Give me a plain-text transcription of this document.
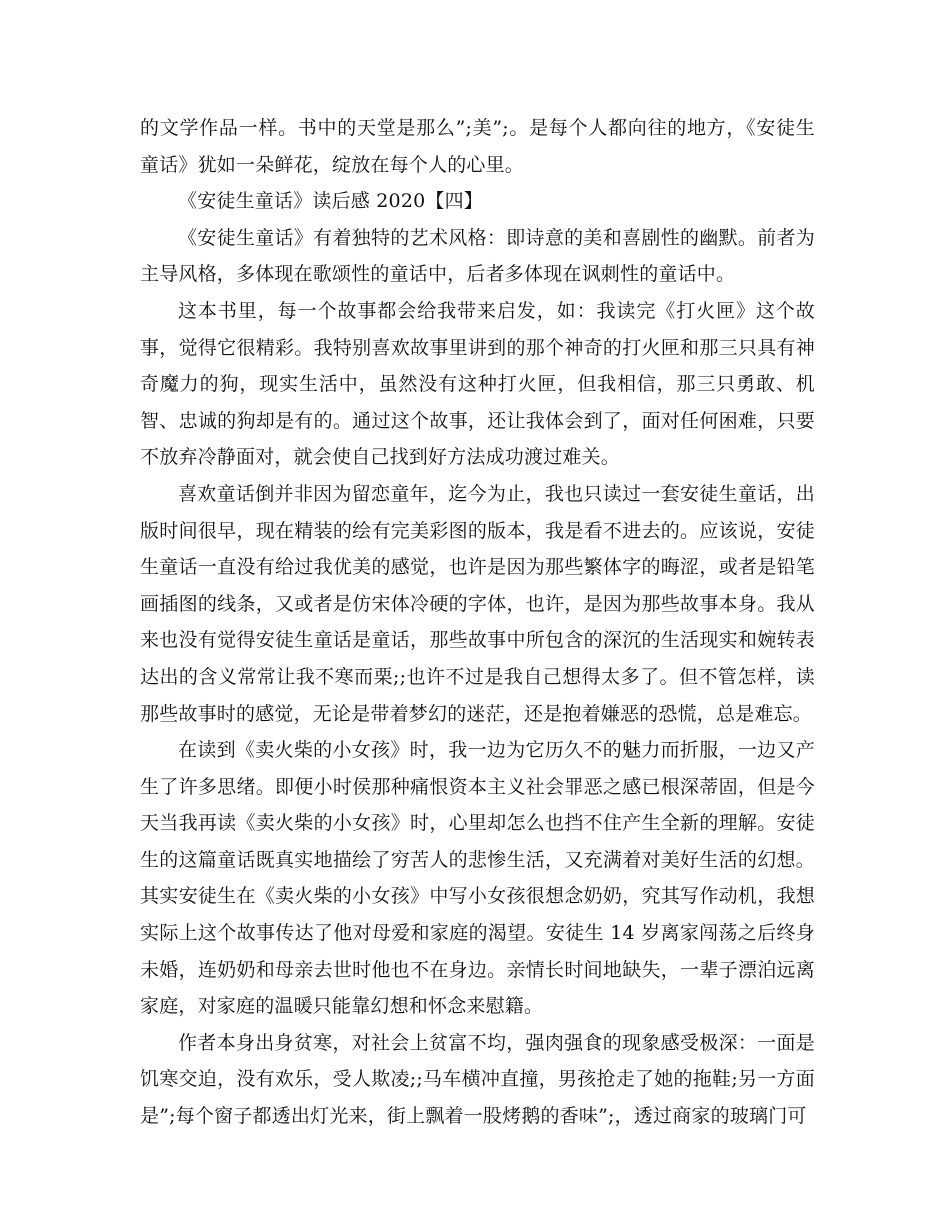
的文学作品一样。书中的天堂是那么”;美”;。是每个人都向往的地方，《安徒生童话》犹如一朵鲜花，绽放在每个人的心里。

《安徒生童话》读后感 2020【四】

《安徒生童话》有着独特的艺术风格：即诗意的美和喜剧性的幽默。前者为主导风格，多体现在歌颂性的童话中，后者多体现在讽刺性的童话中。

这本书里，每一个故事都会给我带来启发，如：我读完《打火匣》这个故事，觉得它很精彩。我特别喜欢故事里讲到的那个神奇的打火匣和那三只具有神奇魔力的狗，现实生活中，虽然没有这种打火匣，但我相信，那三只勇敢、机智、忠诚的狗却是有的。通过这个故事，还让我体会到了，面对任何困难，只要不放弃冷静面对，就会使自己找到好方法成功渡过难关。

喜欢童话倒并非因为留恋童年，迄今为止，我也只读过一套安徒生童话，出版时间很早，现在精装的绘有完美彩图的版本，我是看不进去的。应该说，安徒生童话一直没有给过我优美的感觉，也许是因为那些繁体字的晦涩，或者是铅笔画插图的线条，又或者是仿宋体冷硬的字体，也许，是因为那些故事本身。我从来也没有觉得安徒生童话是童话，那些故事中所包含的深沉的生活现实和婉转表达出的含义常常让我不寒而栗;;也许不过是我自己想得太多了。但不管怎样，读那些故事时的感觉，无论是带着梦幻的迷茫，还是抱着嫌恶的恐慌，总是难忘。

在读到《卖火柴的小女孩》时，我一边为它历久不的魅力而折服，一边又产生了许多思绪。即便小时侯那种痛恨资本主义社会罪恶之感已根深蒂固，但是今天当我再读《卖火柴的小女孩》时，心里却怎么也挡不住产生全新的理解。安徒生的这篇童话既真实地描绘了穷苦人的悲惨生活，又充满着对美好生活的幻想。其实安徒生在《卖火柴的小女孩》中写小女孩很想念奶奶，究其写作动机，我想实际上这个故事传达了他对母爱和家庭的渴望。安徒生 14 岁离家闯荡之后终身未婚，连奶奶和母亲去世时他也不在身边。亲情长时间地缺失，一辈子漂泊远离家庭，对家庭的温暖只能靠幻想和怀念来慰籍。

作者本身出身贫寒，对社会上贫富不均，强肉强食的现象感受极深：一面是饥寒交迫，没有欢乐，受人欺凌;;马车横冲直撞，男孩抢走了她的拖鞋;另一方面是”;每个窗子都透出灯光来，街上飘着一股烤鹅的香味”;，透过商家的玻璃门可
